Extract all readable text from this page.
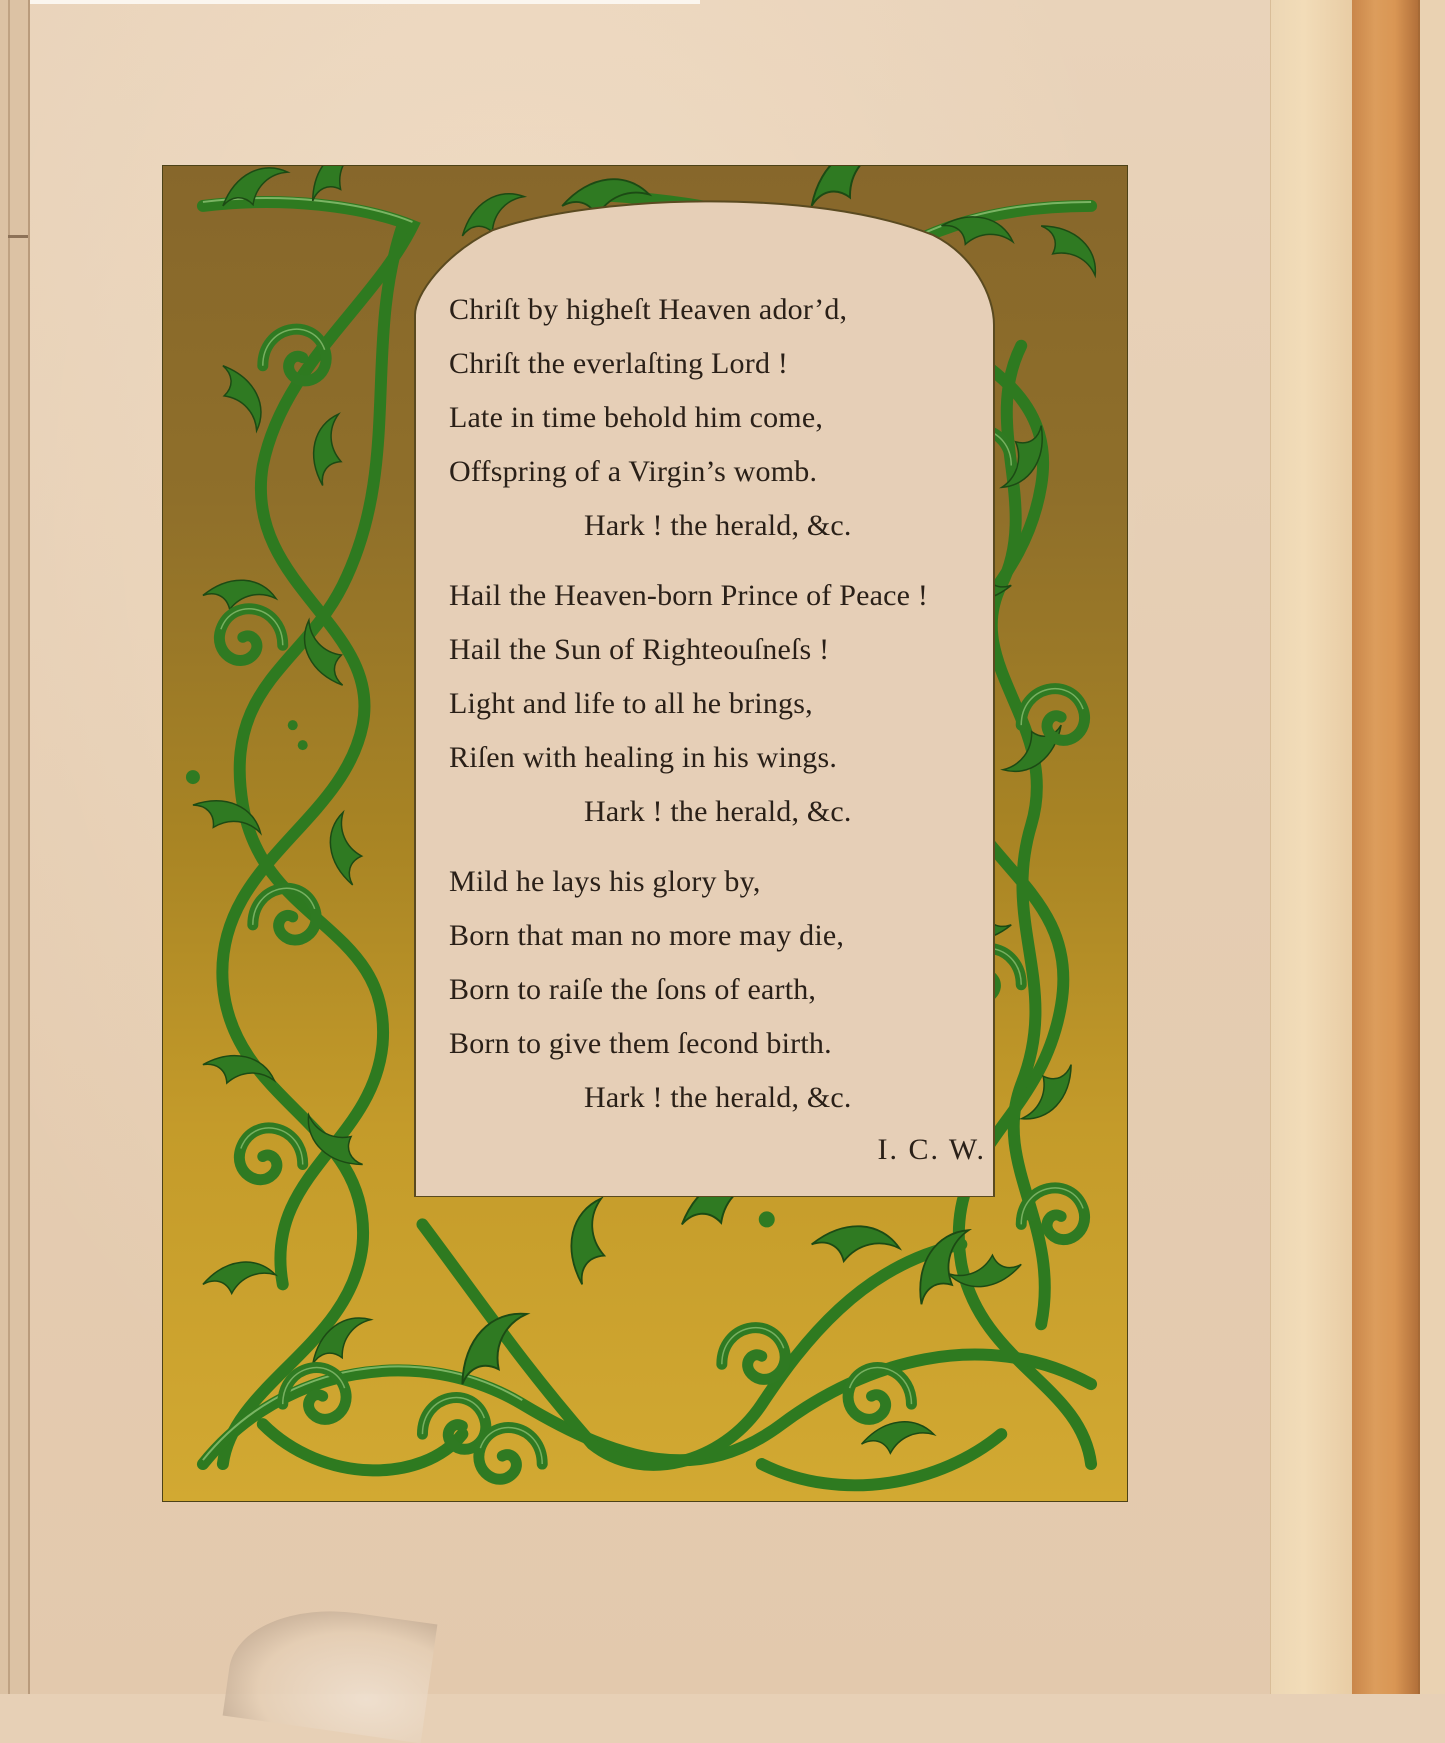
Chriſt by higheſt Heaven ador’d,
Chriſt the everlaſting Lord !
Late in time behold him come,
Offspring of a Virgin’s womb.
Hark ! the herald, &c.
Hail the Heaven-born Prince of Peace !
Hail the Sun of Righteouſneſs !
Light and life to all he brings,
Riſen with healing in his wings.
Hark ! the herald, &c.
Mild he lays his glory by,
Born that man no more may die,
Born to raiſe the ſons of earth,
Born to give them ſecond birth.
Hark ! the herald, &c.
I. C. W.
